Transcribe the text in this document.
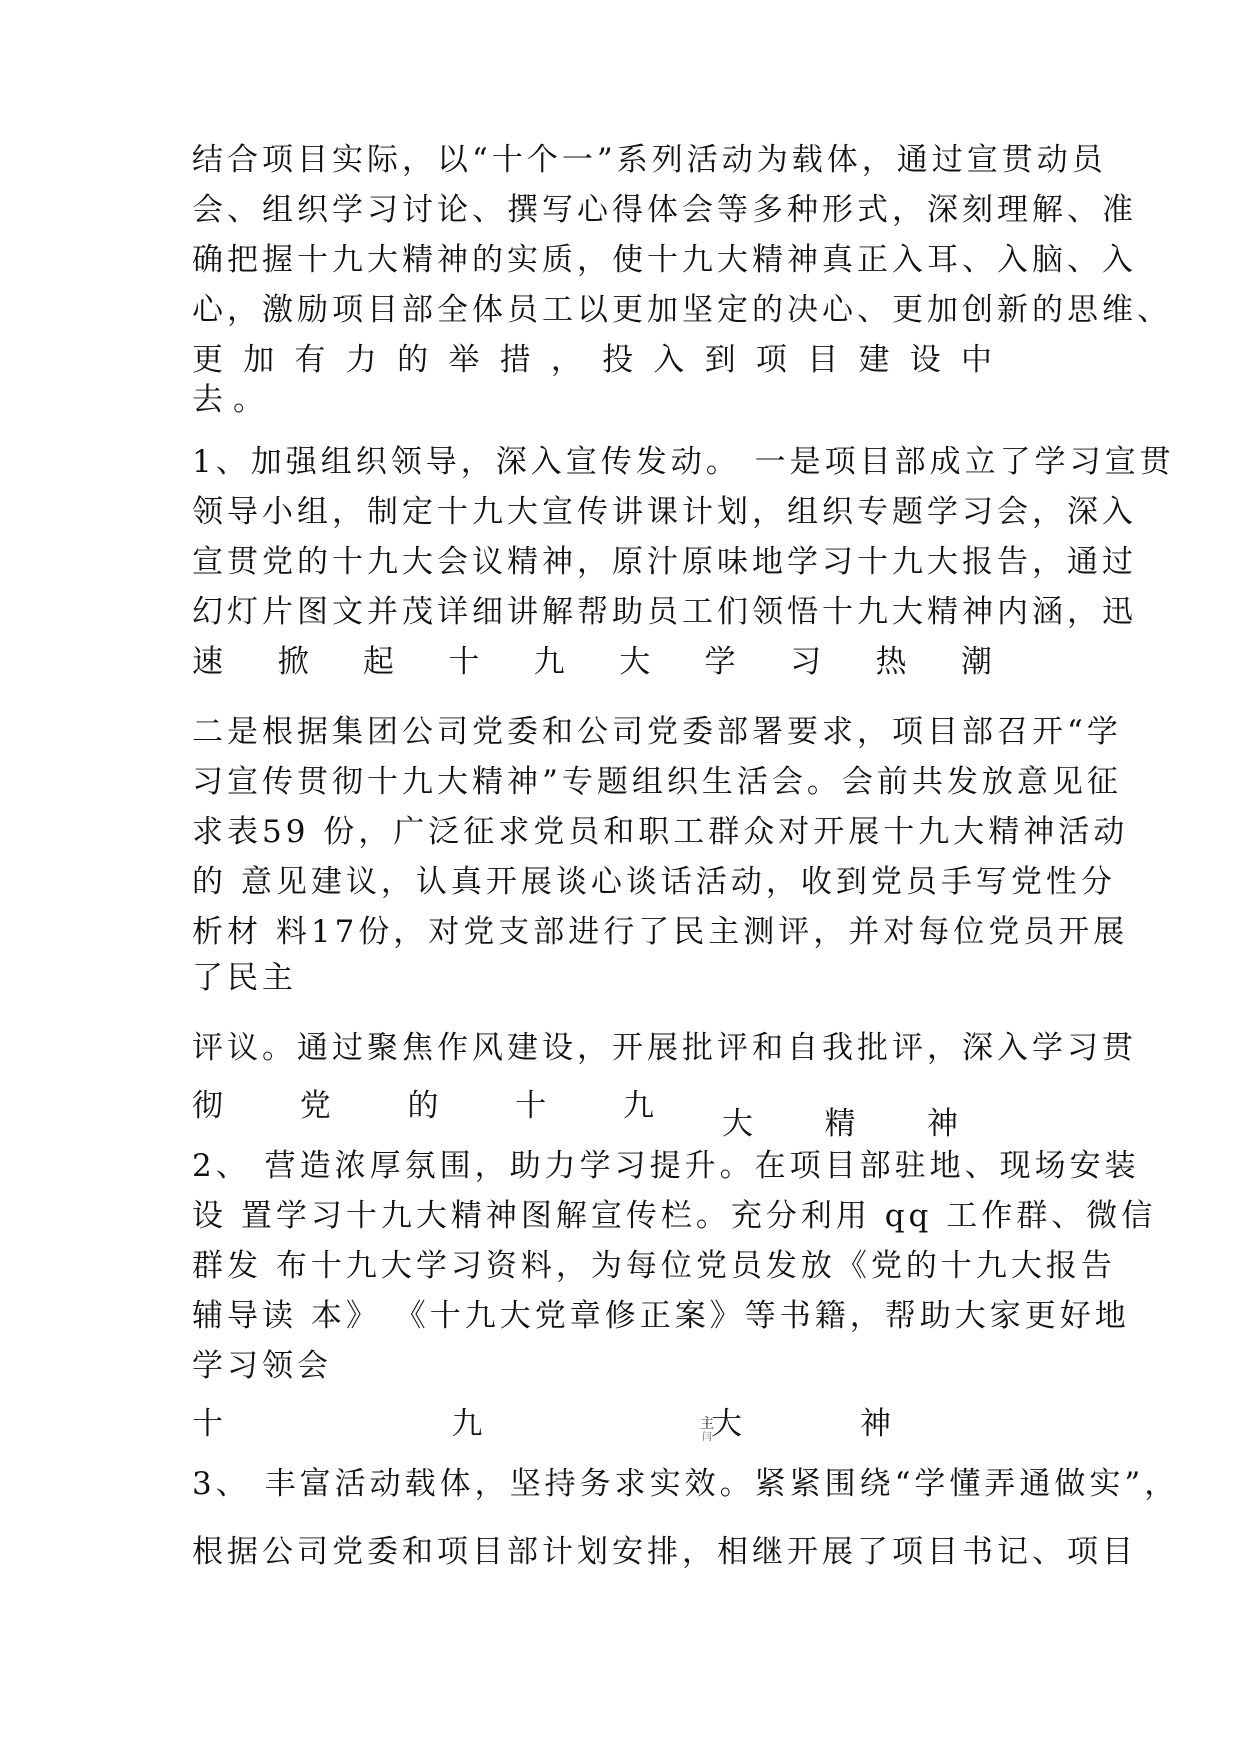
结合项目实际，以“十个一”系列活动为载体，通过宣贯动员

会、组织学习讨论、撰写心得体会等多种形式，深刻理解、准

确把握十九大精神的实质，使十九大精神真正入耳、入脑、入

心，激励项目部全体员工以更加坚定的决心、更加创新的思维、

更 加 有 力 的 举 措 ， 投 入 到 项 目 建 设 中

去。

1、加强组织领导，深入宣传发动。 一是项目部成立了学习宣贯

领导小组，制定十九大宣传讲课计划，组织专题学习会，深入

宣贯党的十九大会议精神，原汁原味地学习十九大报告，通过

幻灯片图文并茂详细讲解帮助员工们领悟十九大精神内涵，迅

速 掀 起 十 九 大 学 习 热 潮

二是根据集团公司党委和公司党委部署要求，项目部召开“学

习宣传贯彻十九大精神”专题组织生活会。会前共发放意见征

求表59 份，广泛征求党员和职工群众对开展十九大精神活动

的 意见建议，认真开展谈心谈话活动，收到党员手写党性分

析材 料17份，对党支部进行了民主测评，并对每位党员开展

了民主

评议。通过聚焦作风建设，开展批评和自我批评，深入学习贯

彻 党 的 十 九 大 精 神

2、 营造浓厚氛围，助力学习提升。在项目部驻地、现场安装

设 置学习十九大精神图解宣传栏。充分利用 qq 工作群、微信

群发 布十九大学习资料，为每位党员发放《党的十九大报告

辅导读 本》 《十九大党章修正案》等书籍，帮助大家更好地

学习领会

十	九	大
主
闫	神

3、 丰富活动载体，坚持务求实效。紧紧围绕“学懂弄通做实”，

根据公司党委和项目部计划安排，相继开展了项目书记、项目
